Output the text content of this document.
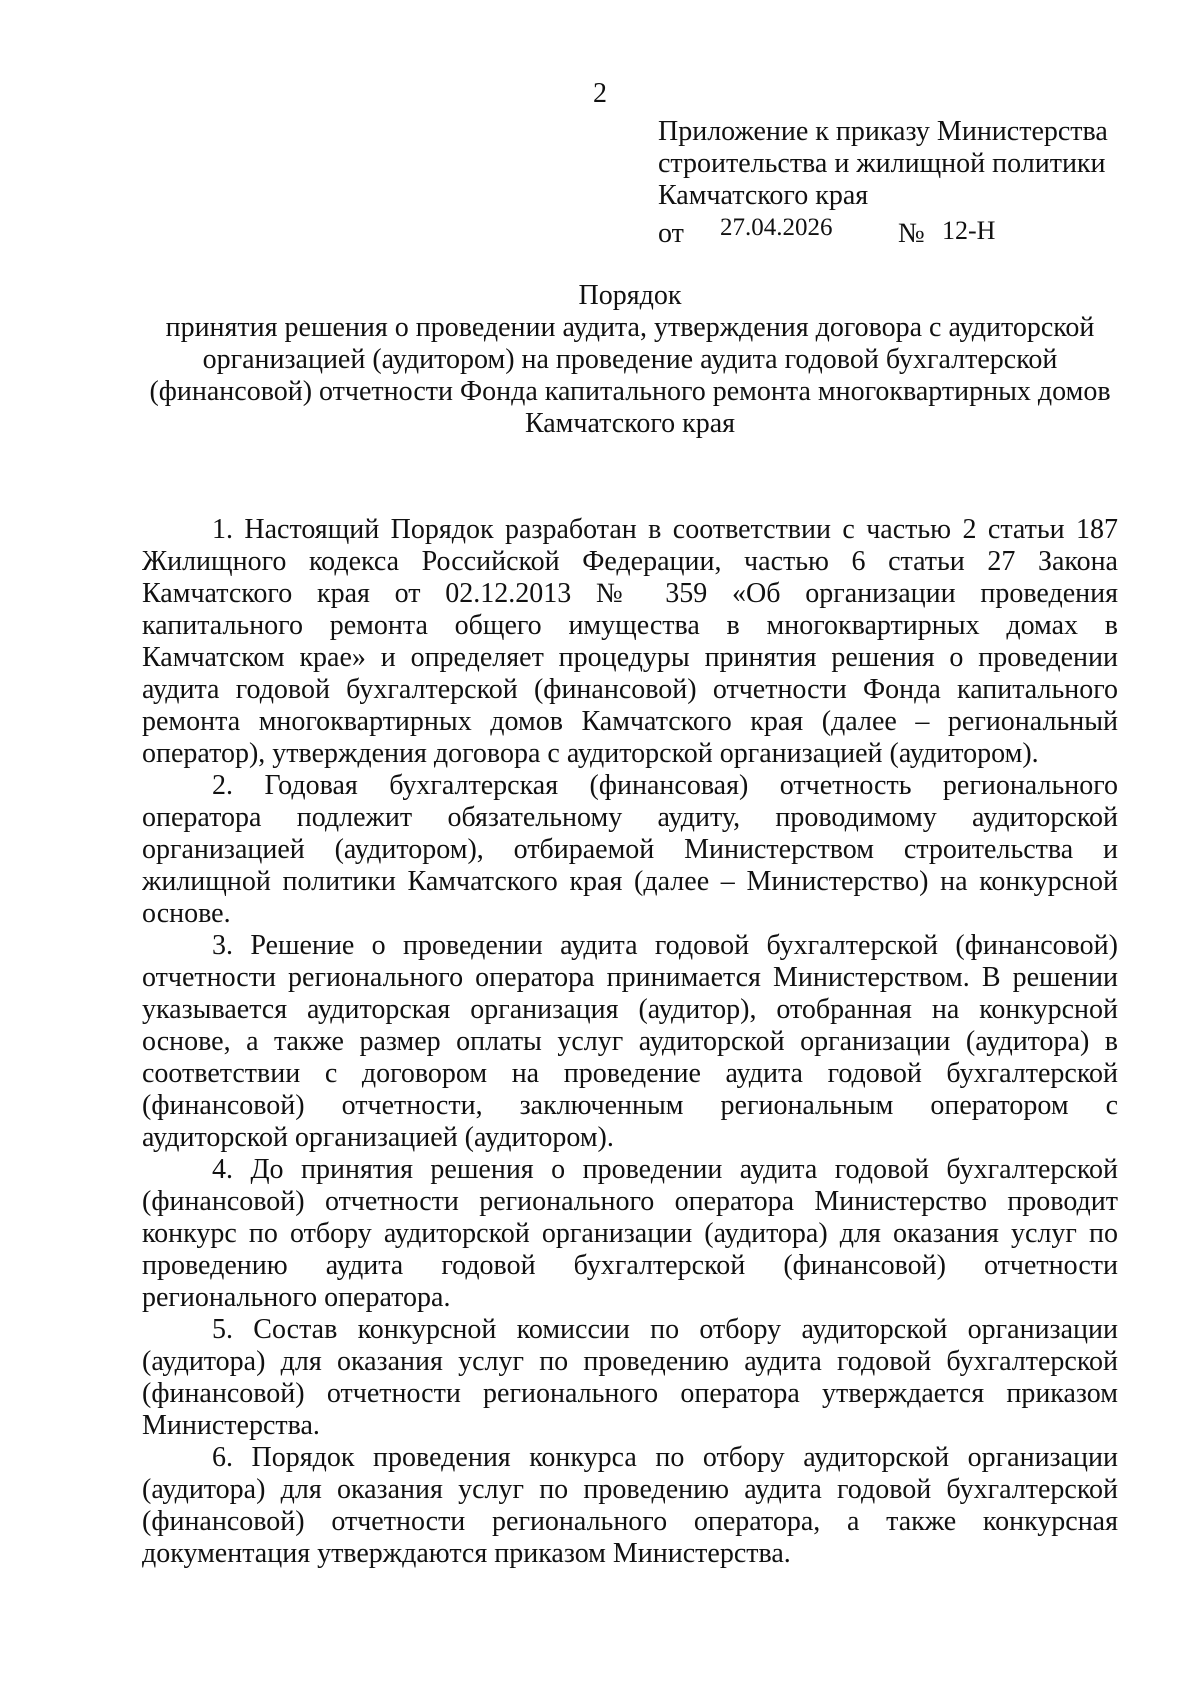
2
Приложение к приказу Министерства
строительства и жилищной политики
Камчатского края
от 27.04.2026 № 12-Н
Порядок
принятия решения о проведении аудита, утверждения договора с аудиторской
организацией (аудитором) на проведение аудита годовой бухгалтерской
(финансовой) отчетности Фонда капитального ремонта многоквартирных домов
Камчатского края
1. Настоящий Порядок разработан в соответствии с частью 2 статьи 187
Жилищного кодекса Российской Федерации, частью 6 статьи 27 Закона
Камчатского края от 02.12.2013 № 359 «Об организации проведения
капитального ремонта общего имущества в многоквартирных домах в
Камчатском крае» и определяет процедуры принятия решения о проведении
аудита годовой бухгалтерской (финансовой) отчетности Фонда капитального
ремонта многоквартирных домов Камчатского края (далее – региональный
оператор), утверждения договора с аудиторской организацией (аудитором).
2. Годовая бухгалтерская (финансовая) отчетность регионального
оператора подлежит обязательному аудиту, проводимому аудиторской
организацией (аудитором), отбираемой Министерством строительства и
жилищной политики Камчатского края (далее – Министерство) на конкурсной
основе.
3. Решение о проведении аудита годовой бухгалтерской (финансовой)
отчетности регионального оператора принимается Министерством. В решении
указывается аудиторская организация (аудитор), отобранная на конкурсной
основе, а также размер оплаты услуг аудиторской организации (аудитора) в
соответствии с договором на проведение аудита годовой бухгалтерской
(финансовой) отчетности, заключенным региональным оператором с
аудиторской организацией (аудитором).
4. До принятия решения о проведении аудита годовой бухгалтерской
(финансовой) отчетности регионального оператора Министерство проводит
конкурс по отбору аудиторской организации (аудитора) для оказания услуг по
проведению аудита годовой бухгалтерской (финансовой) отчетности
регионального оператора.
5. Состав конкурсной комиссии по отбору аудиторской организации
(аудитора) для оказания услуг по проведению аудита годовой бухгалтерской
(финансовой) отчетности регионального оператора утверждается приказом
Министерства.
6. Порядок проведения конкурса по отбору аудиторской организации
(аудитора) для оказания услуг по проведению аудита годовой бухгалтерской
(финансовой) отчетности регионального оператора, а также конкурсная
документация утверждаются приказом Министерства.
